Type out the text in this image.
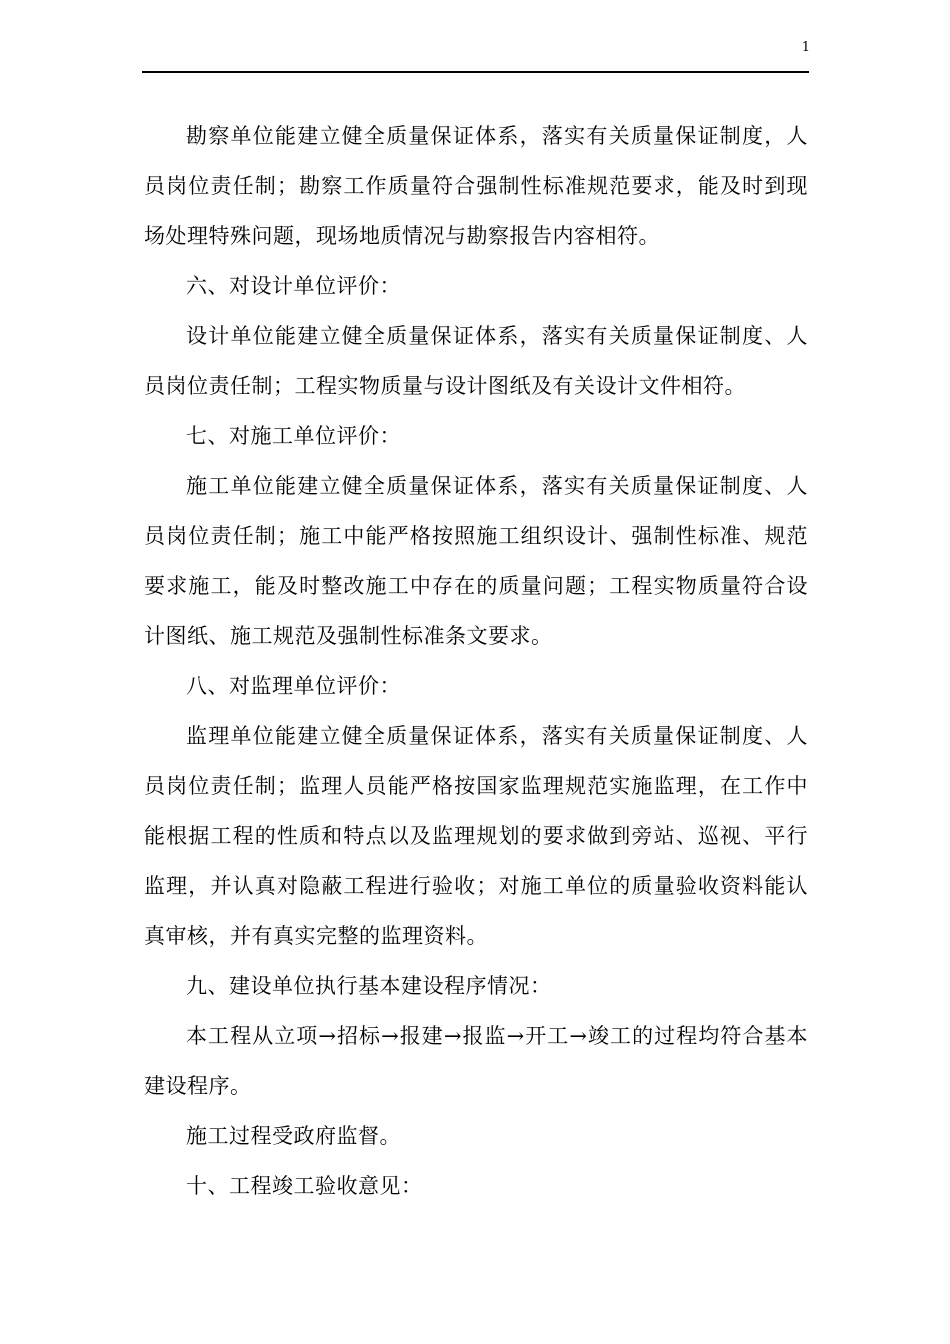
1

勘察单位能建立健全质量保证体系，落实有关质量保证制度，人员岗位责任制；勘察工作质量符合强制性标准规范要求，能及时到现场处理特殊问题，现场地质情况与勘察报告内容相符。

六、对设计单位评价：

设计单位能建立健全质量保证体系，落实有关质量保证制度、人员岗位责任制；工程实物质量与设计图纸及有关设计文件相符。

七、对施工单位评价：

施工单位能建立健全质量保证体系，落实有关质量保证制度、人员岗位责任制；施工中能严格按照施工组织设计、强制性标准、规范要求施工，能及时整改施工中存在的质量问题；工程实物质量符合设计图纸、施工规范及强制性标准条文要求。

八、对监理单位评价：

监理单位能建立健全质量保证体系，落实有关质量保证制度、人员岗位责任制；监理人员能严格按国家监理规范实施监理，在工作中能根据工程的性质和特点以及监理规划的要求做到旁站、巡视、平行监理，并认真对隐蔽工程进行验收；对施工单位的质量验收资料能认真审核，并有真实完整的监理资料。

九、建设单位执行基本建设程序情况：

本工程从立项→招标→报建→报监→开工→竣工的过程均符合基本建设程序。

施工过程受政府监督。

十、工程竣工验收意见：
